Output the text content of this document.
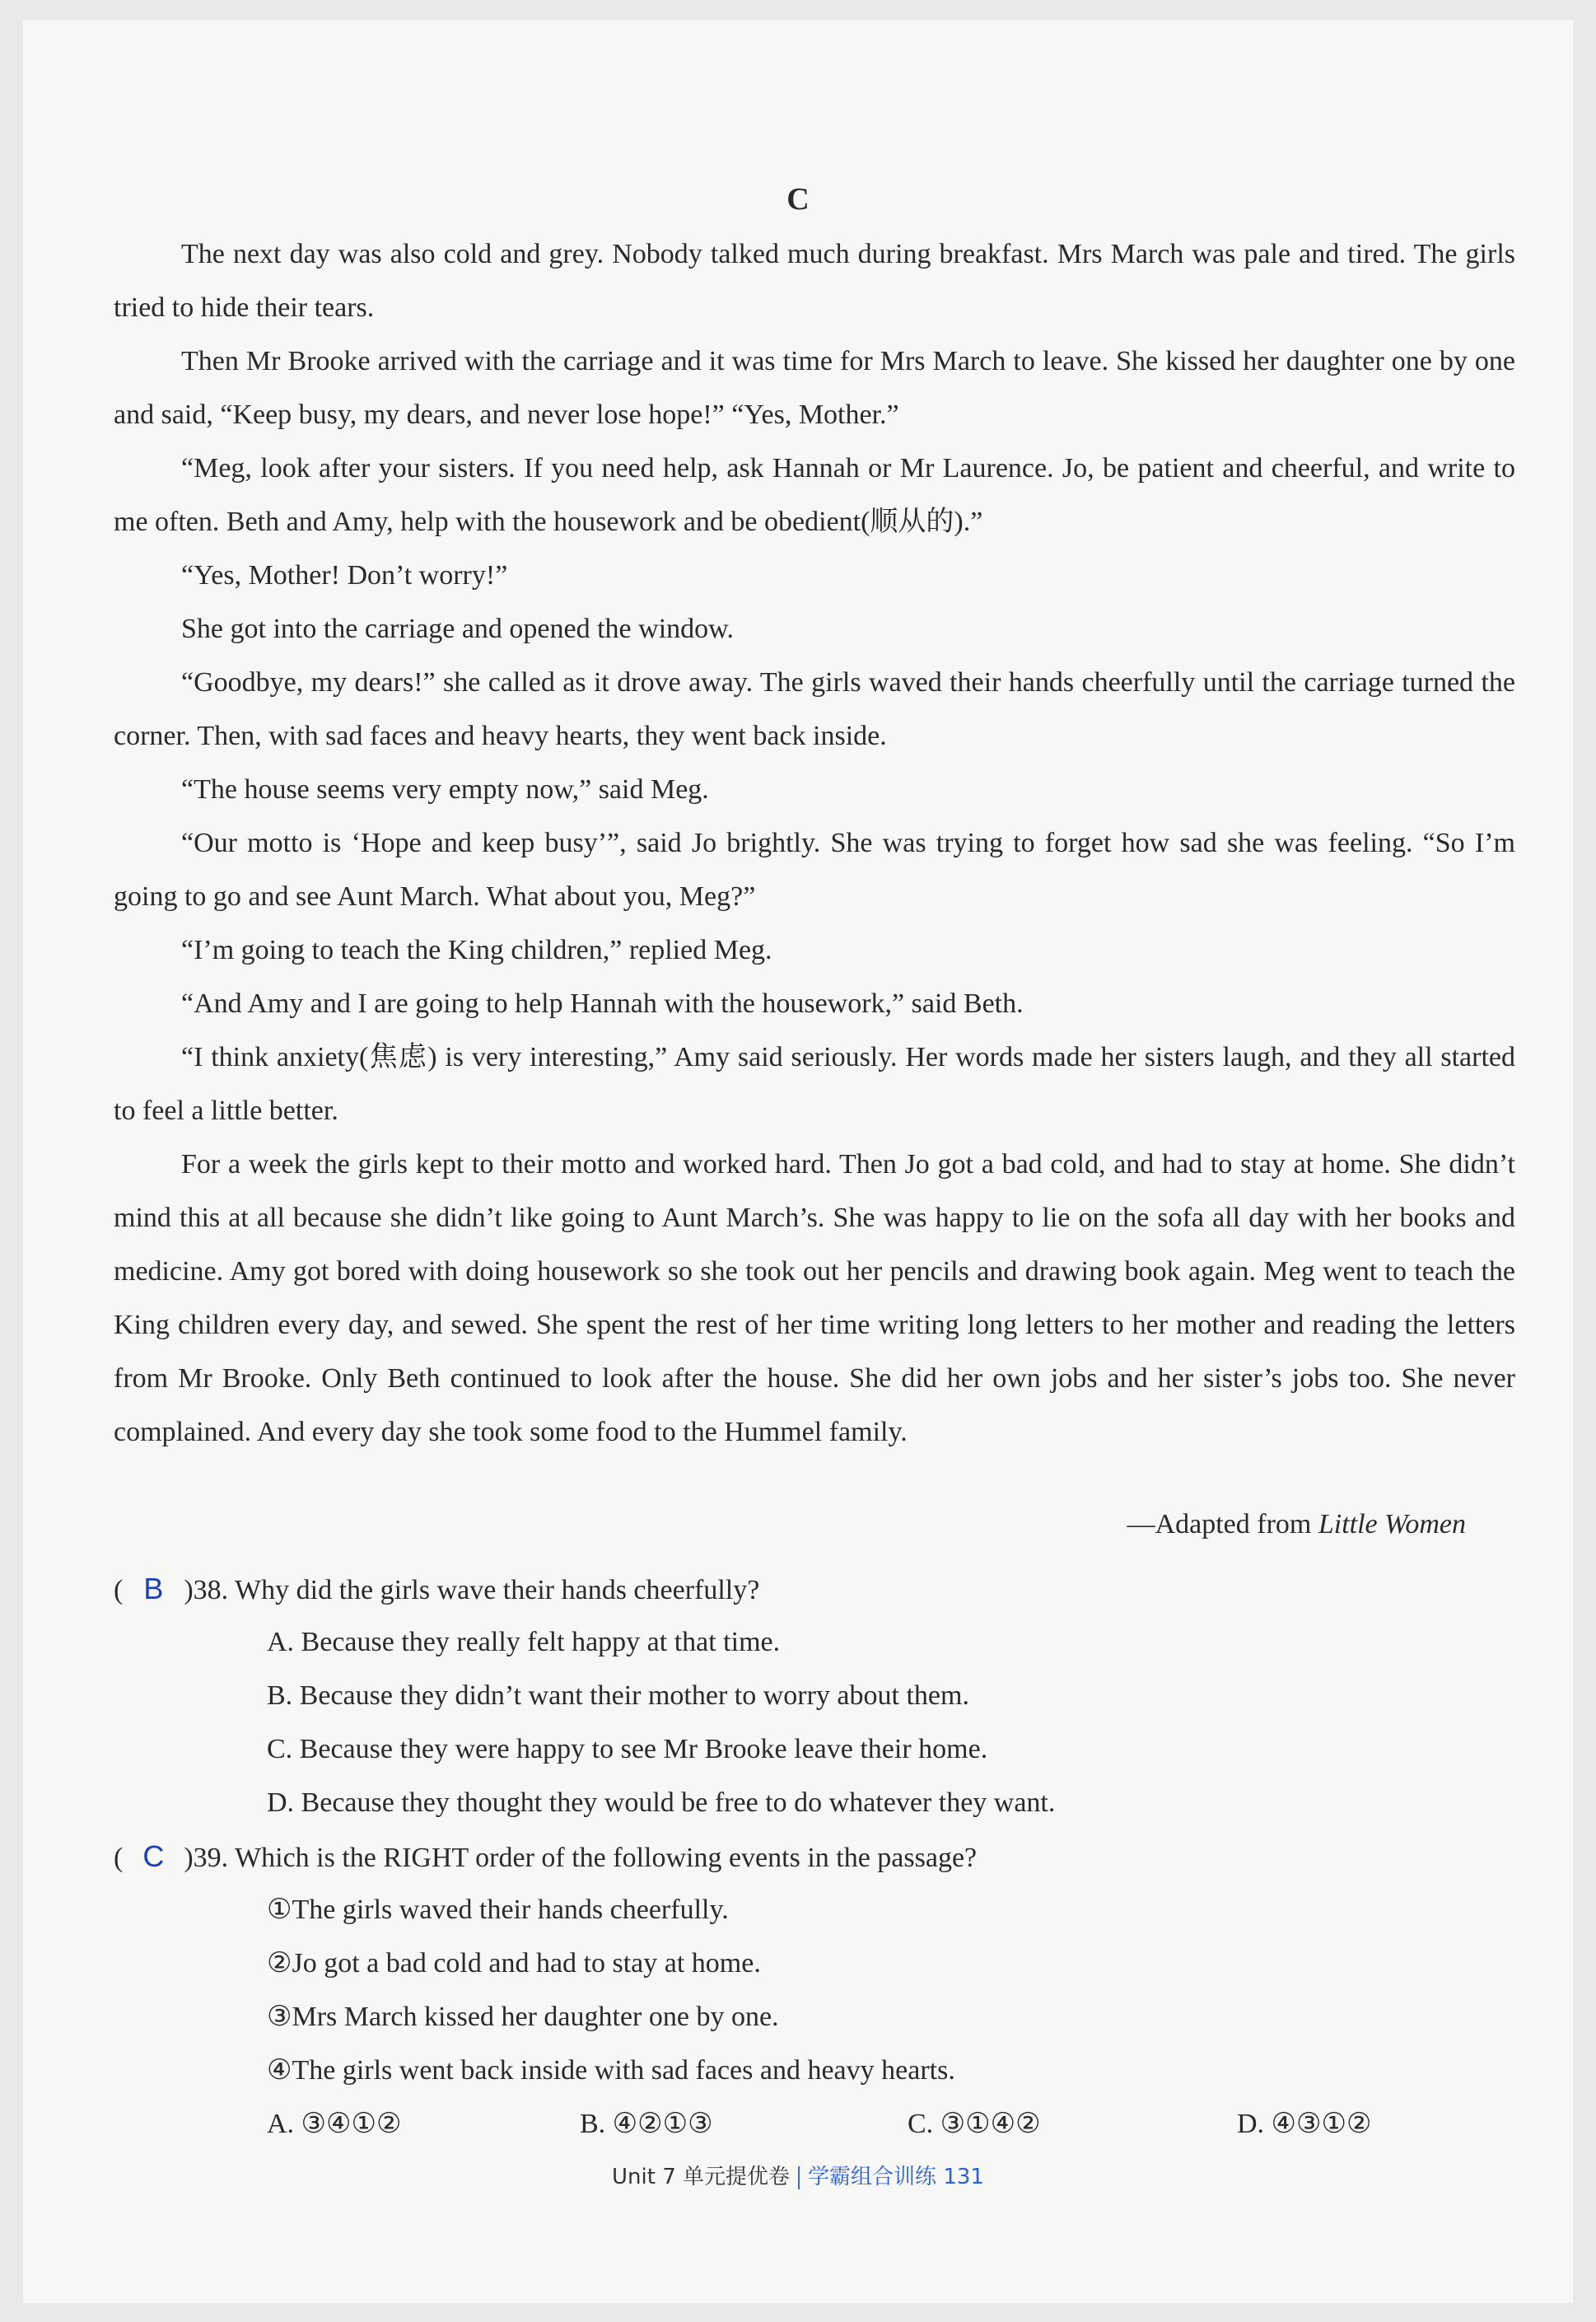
C

The next day was also cold and grey. Nobody talked much during breakfast. Mrs March was pale and tired. The girls tried to hide their tears.

Then Mr Brooke arrived with the carriage and it was time for Mrs March to leave. She kissed her daughter one by one and said, “Keep busy, my dears, and never lose hope!” “Yes, Mother.”

“Meg, look after your sisters. If you need help, ask Hannah or Mr Laurence. Jo, be patient and cheerful, and write to me often. Beth and Amy, help with the housework and be obedient(顺从的).”

“Yes, Mother! Don’t worry!”

She got into the carriage and opened the window.

“Goodbye, my dears!” she called as it drove away. The girls waved their hands cheerfully until the carriage turned the corner. Then, with sad faces and heavy hearts, they went back inside.

“The house seems very empty now,” said Meg.

“Our motto is ‘Hope and keep busy’”, said Jo brightly. She was trying to forget how sad she was feeling. “So I’m going to go and see Aunt March. What about you, Meg?”

“I’m going to teach the King children,” replied Meg.

“And Amy and I are going to help Hannah with the housework,” said Beth.

“I think anxiety(焦虑) is very interesting,” Amy said seriously. Her words made her sisters laugh, and they all started to feel a little better.

For a week the girls kept to their motto and worked hard. Then Jo got a bad cold, and had to stay at home. She didn’t mind this at all because she didn’t like going to Aunt March’s. She was happy to lie on the sofa all day with her books and medicine. Amy got bored with doing housework so she took out her pencils and drawing book again. Meg went to teach the King children every day, and sewed. She spent the rest of her time writing long letters to her mother and reading the letters from Mr Brooke. Only Beth continued to look after the house. She did her own jobs and her sister’s jobs too. She never complained. And every day she took some food to the Hummel family.

—Adapted from Little Women
( B )38. Why did the girls wave their hands cheerfully?
A. Because they really felt happy at that time.
B. Because they didn’t want their mother to worry about them.
C. Because they were happy to see Mr Brooke leave their home.
D. Because they thought they would be free to do whatever they want.
( C )39. Which is the RIGHT order of the following events in the passage?
①The girls waved their hands cheerfully.
②Jo got a bad cold and had to stay at home.
③Mrs March kissed her daughter one by one.
④The girls went back inside with sad faces and heavy hearts.
A. ③④①②	B. ④②①③	C. ③①④②	D. ④③①②
Unit 7 单元提优卷 学霸组合训练 131
